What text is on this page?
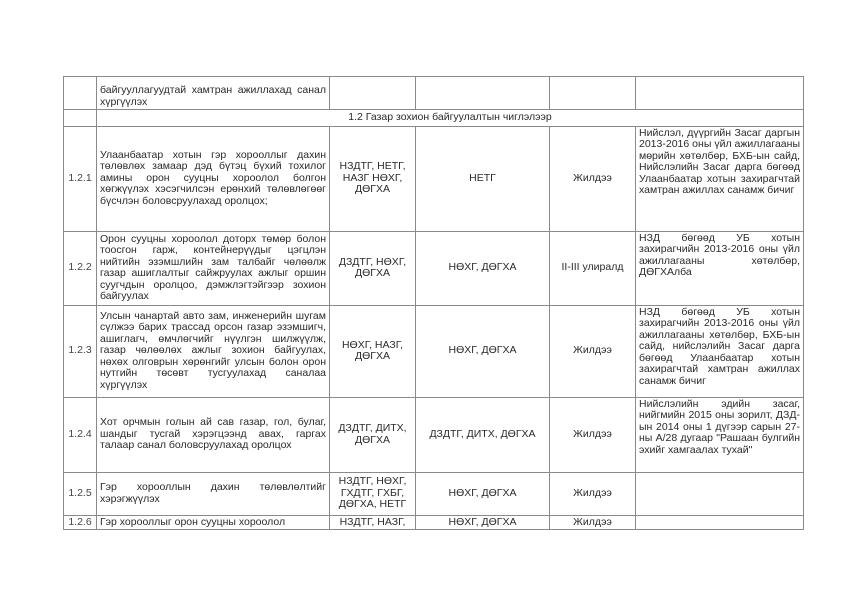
	байгууллагуудтай хамтран ажиллахад санал хүргүүлэх				
	1.2 Газар зохион байгуулалтын чиглэлээр				
1.2.1	Улаанбаатар хотын гэр хорооллыг дахин төлөвлөх замаар дэд бүтэц бүхий тохилог амины орон сууцны хороолол болгон хөгжүүлэх хэсэгчилсэн ерөнхий төлөвлөгөөг бүсчлэн боловсруулахад оролцох;	НЗДТГ, НЕТГ, НАЗГ НӨХГ, ДӨГХА	НЕТГ	Жилдээ	Нийслэл, дүүргийн Засаг даргын 2013-2016 оны үйл ажиллагааны мөрийн хөтөлбөр, БХБ-ын сайд, Нийслэлийн Засаг дарга бөгөөд Улаанбаатар хотын захирагчтай хамтран ажиллах санамж бичиг
1.2.2	Орон сууцны хороолол доторх төмөр болон тоосгон гарж, контейнерүүдыг цэгцлэн нийтийн эзэмшлийн зам талбайг чөлөөлж газар ашиглалтыг сайжруулах ажлыг оршин суугчдын оролцоо, дэмжлэгтэйгээр зохион байгуулах	ДЗДТГ, НӨХГ, ДӨГХА	НӨХГ, ДӨГХА	II-III улиралд	НЗД бөгөөд УБ хотын захирагчийн 2013-2016 оны үйл ажиллагааны хөтөлбөр, ДӨГХАлба
1.2.3	Улсын чанартай авто зам, инженерийн шугам сүлжээ барих трассад орсон газар эзэмшигч, ашиглагч, өмчлөгчийг нүүлгэн шилжүүлж, газар чөлөөлөх ажлыг зохион байгуулах, нөхөх олговрын хөрөнгийг улсын болон орон нутгийн төсөвт тусгуулахад саналаа хүргүүлэх	НӨХГ, НАЗГ, ДӨГХА	НӨХГ, ДӨГХА	Жилдээ	НЗД бөгөөд УБ хотын захирагчийн 2013-2016 оны үйл ажиллагааны хөтөлбөр, БХБ-ын сайд, нийслэлийн Засаг дарга бөгөөд Улаанбаатар хотын захирагчтай хамтран ажиллах санамж бичиг
1.2.4	Хот орчмын голын ай сав газар, гол, булаг, шандыг тусгай хэрэгцээнд авах, гаргах талаар санал боловсруулахад оролцох	ДЗДТГ, ДИТХ, ДӨГХА	ДЗДТГ, ДИТХ, ДӨГХА	Жилдээ	Нийслэлийн эдийн засаг, нийгмийн 2015 оны зорилт, ДЗД-ын 2014 оны 1 дүгээр сарын 27-ны А/28 дугаар "Рашаан булгийн эхийг хамгаалах тухай"
1.2.5	Гэр хорооллын дахин төлөвлөлтийг хэрэгжүүлэх	НЗДТГ, НӨХГ, ГХДТГ, ГХБГ, ДӨГХА, НЕТГ	НӨХГ, ДӨГХА	Жилдээ	
1.2.6	Гэр хорооллыг орон сууцны хороолол	НЗДТГ, НАЗГ,	НӨХГ, ДӨГХА	Жилдээ	
